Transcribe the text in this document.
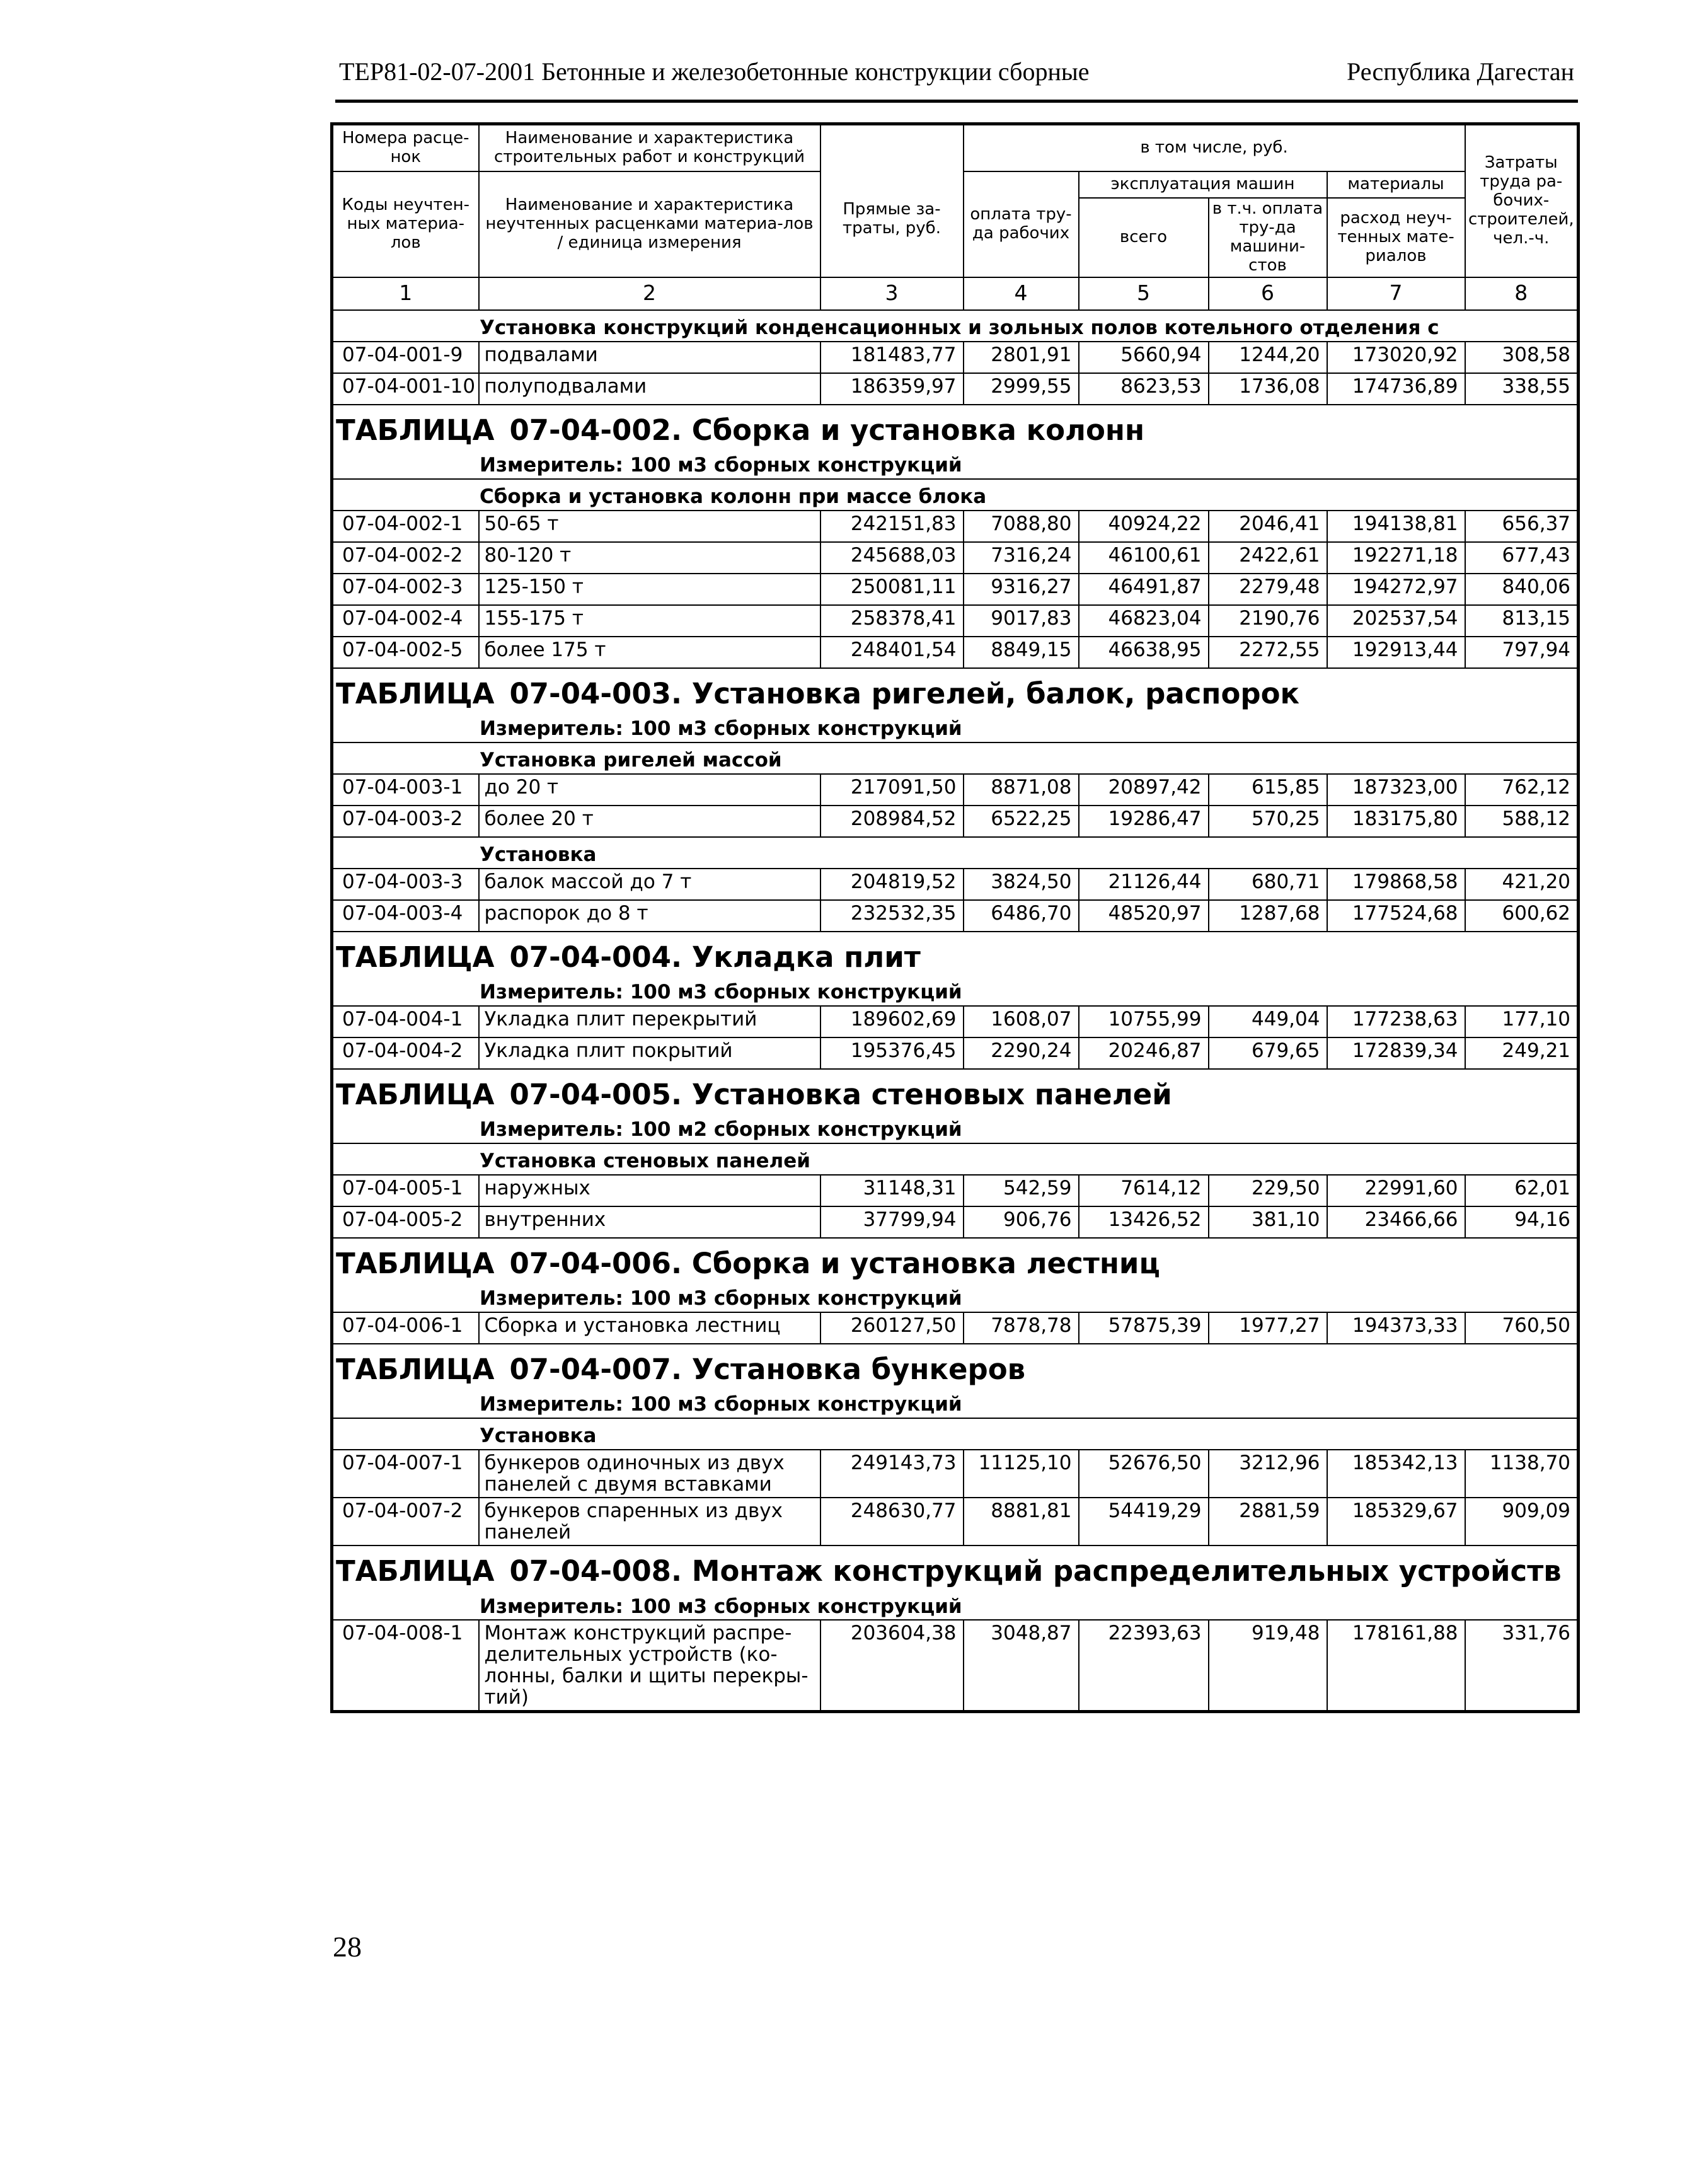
ТЕР81-02-07-2001 Бетонные и железобетонные конструкции сборные	Республика Дагестан
Номера расце-нок	Наименование и характеристика строительных работ и конструкций	Прямые за-траты, руб.	в том числе, руб.				Затраты труда ра-бочих-строителей, чел.-ч.
Коды неучтен-ных материа-лов	Наименование и характеристика неучтенных расценками материа-лов / единица измерения		оплата тру-да рабочих	эксплуатация машин		материалы	
				всего	в т.ч. оплата тру-да машини-стов	расход неуч-тенных мате-риалов	

1	2	3	4	5	6	7	8
Установка конструкций конденсационных и зольных полов котельного отделения с							
07-04-001-9	подвалами	181483,77	2801,91	5660,94	1244,20	173020,92	308,58
07-04-001-10	полуподвалами	186359,97	2999,55	8623,53	1736,08	174736,89	338,55
ТАБЛИЦА 07-04-002. Сборка и установка колонн							
Измеритель: 100 м3 сборных конструкций							
Сборка и установка колонн при массе блока							
07-04-002-1	50-65 т	242151,83	7088,80	40924,22	2046,41	194138,81	656,37
07-04-002-2	80-120 т	245688,03	7316,24	46100,61	2422,61	192271,18	677,43
07-04-002-3	125-150 т	250081,11	9316,27	46491,87	2279,48	194272,97	840,06
07-04-002-4	155-175 т	258378,41	9017,83	46823,04	2190,76	202537,54	813,15
07-04-002-5	более 175 т	248401,54	8849,15	46638,95	2272,55	192913,44	797,94
ТАБЛИЦА 07-04-003. Установка ригелей, балок, распорок							
Измеритель: 100 м3 сборных конструкций							
Установка ригелей массой							
07-04-003-1	до 20 т	217091,50	8871,08	20897,42	615,85	187323,00	762,12
07-04-003-2	более 20 т	208984,52	6522,25	19286,47	570,25	183175,80	588,12
Установка							
07-04-003-3	балок массой до 7 т	204819,52	3824,50	21126,44	680,71	179868,58	421,20
07-04-003-4	распорок до 8 т	232532,35	6486,70	48520,97	1287,68	177524,68	600,62
ТАБЛИЦА 07-04-004. Укладка плит							
Измеритель: 100 м3 сборных конструкций							
07-04-004-1	Укладка плит перекрытий	189602,69	1608,07	10755,99	449,04	177238,63	177,10
07-04-004-2	Укладка плит покрытий	195376,45	2290,24	20246,87	679,65	172839,34	249,21
ТАБЛИЦА 07-04-005. Установка стеновых панелей							
Измеритель: 100 м2 сборных конструкций							
Установка стеновых панелей							
07-04-005-1	наружных	31148,31	542,59	7614,12	229,50	22991,60	62,01
07-04-005-2	внутренних	37799,94	906,76	13426,52	381,10	23466,66	94,16
ТАБЛИЦА 07-04-006. Сборка и установка лестниц							
Измеритель: 100 м3 сборных конструкций							
07-04-006-1	Сборка и установка лестниц	260127,50	7878,78	57875,39	1977,27	194373,33	760,50
ТАБЛИЦА 07-04-007. Установка бункеров							
Измеритель: 100 м3 сборных конструкций							
Установка							
07-04-007-1	бункеров одиночных из двух панелей с двумя вставками	249143,73	11125,10	52676,50	3212,96	185342,13	1138,70
07-04-007-2	бункеров спаренных из двух панелей	248630,77	8881,81	54419,29	2881,59	185329,67	909,09
ТАБЛИЦА 07-04-008. Монтаж конструкций распределительных устройств							
Измеритель: 100 м3 сборных конструкций							
07-04-008-1	Монтаж конструкций распре-делительных устройств (ко-лонны, балки и щиты перекры-тий)	203604,38	3048,87	22393,63	919,48	178161,88	331,76
28
